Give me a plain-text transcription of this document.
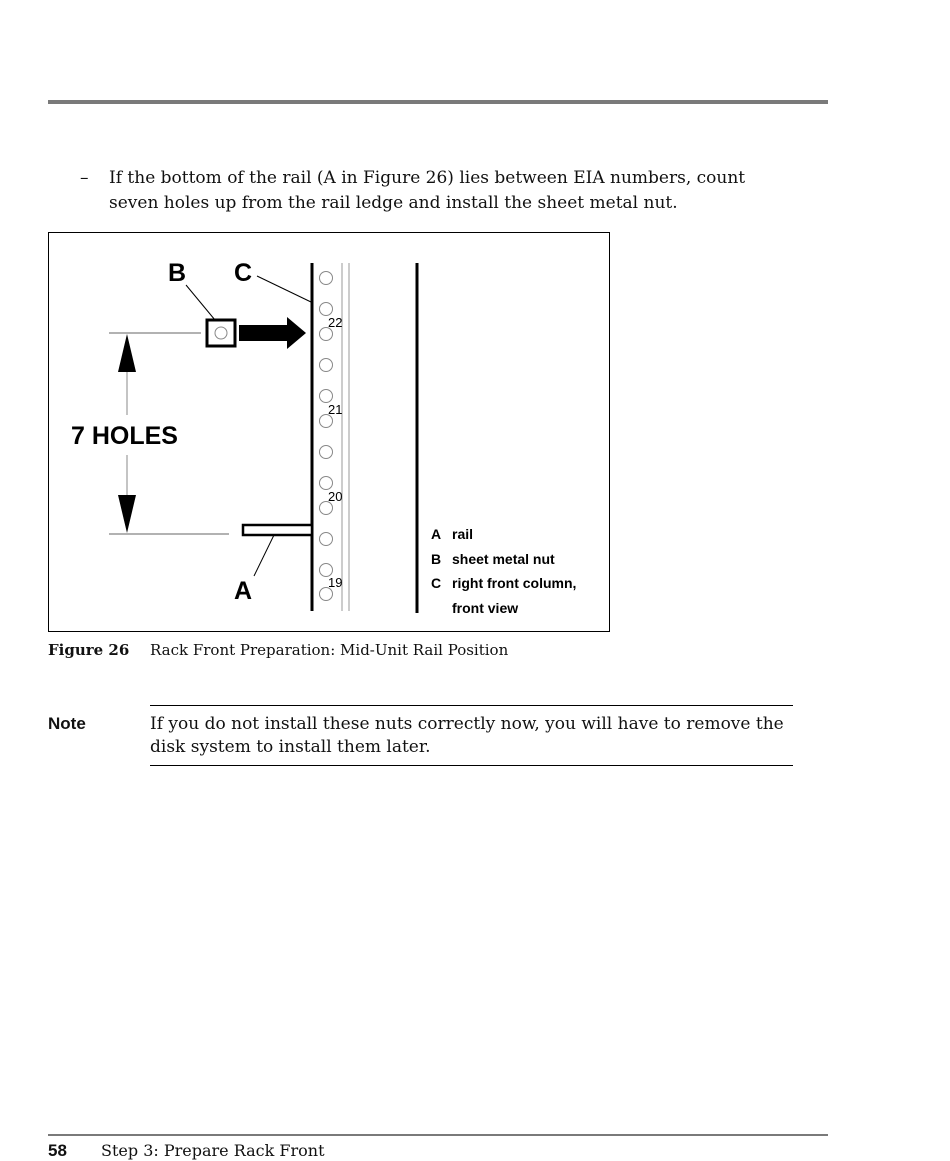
– If the bottom of the rail (A in Figure 26) lies between EIA numbers, count seven holes up from the rail ledge and install the sheet metal nut.
22
21
20
19
7 HOLES
B C
A
A rail
B sheet metal nut
C right front column,
front view
Figure 26 Rack Front Preparation: Mid-Unit Rail Position
Note	If you do not install these nuts correctly now, you will have to remove the disk system to install them later.
58 Step 3: Prepare Rack Front
